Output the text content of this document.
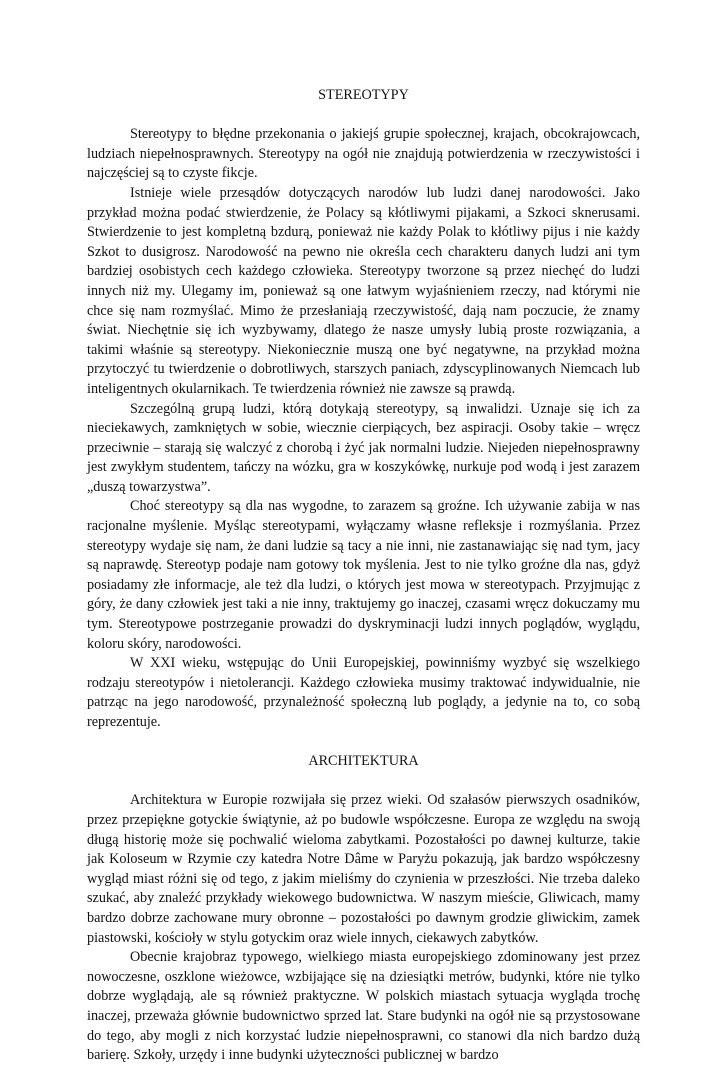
STEREOTYPY

Stereotypy to błędne przekonania o jakiejś grupie społecznej, krajach, obcokrajowcach, ludziach niepełnosprawnych. Stereotypy na ogół nie znajdują potwierdzenia w rzeczywistości i najczęściej są to czyste fikcje.

Istnieje wiele przesądów dotyczących narodów lub ludzi danej narodowości. Jako przykład można podać stwierdzenie, że Polacy są kłótliwymi pijakami, a Szkoci sknerusami. Stwierdzenie to jest kompletną bzdurą, ponieważ nie każdy Polak to kłótliwy pijus i nie każdy Szkot to dusigrosz. Narodowość na pewno nie określa cech charakteru danych ludzi ani tym bardziej osobistych cech każdego człowieka. Stereotypy tworzone są przez niechęć do ludzi innych niż my. Ulegamy im, ponieważ są one łatwym wyjaśnieniem rzeczy, nad którymi nie chce się nam rozmyślać. Mimo że przesłaniają rzeczywistość, dają nam poczucie, że znamy świat. Niechętnie się ich wyzbywamy, dlatego że nasze umysły lubią proste rozwiązania, a takimi właśnie są stereotypy. Niekoniecznie muszą one być negatywne, na przykład można przytoczyć tu twierdzenie o dobrotliwych, starszych paniach, zdyscyplinowanych Niemcach lub inteligentnych okularnikach. Te twierdzenia również nie zawsze są prawdą.

Szczególną grupą ludzi, którą dotykają stereotypy, są inwalidzi. Uznaje się ich za nieciekawych, zamkniętych w sobie, wiecznie cierpiących, bez aspiracji. Osoby takie – wręcz przeciwnie – starają się walczyć z chorobą i żyć jak normalni ludzie. Niejeden niepełnosprawny jest zwykłym studentem, tańczy na wózku, gra w koszykówkę, nurkuje pod wodą i jest zarazem „duszą towarzystwa”.

Choć stereotypy są dla nas wygodne, to zarazem są groźne. Ich używanie zabija w nas racjonalne myślenie. Myśląc stereotypami, wyłączamy własne refleksje i rozmyślania. Przez stereotypy wydaje się nam, że dani ludzie są tacy a nie inni, nie zastanawiając się nad tym, jacy są naprawdę. Stereotyp podaje nam gotowy tok myślenia. Jest to nie tylko groźne dla nas, gdyż posiadamy złe informacje, ale też dla ludzi, o których jest mowa w stereotypach. Przyjmując z góry, że dany człowiek jest taki a nie inny, traktujemy go inaczej, czasami wręcz dokuczamy mu tym. Stereotypowe postrzeganie prowadzi do dyskryminacji ludzi innych poglądów, wyglądu, koloru skóry, narodowości.

W XXI wieku, wstępując do Unii Europejskiej, powinniśmy wyzbyć się wszelkiego rodzaju stereotypów i nietolerancji. Każdego człowieka musimy traktować indywidualnie, nie patrząc na jego narodowość, przynależność społeczną lub poglądy, a jedynie na to, co sobą reprezentuje.

ARCHITEKTURA

Architektura w Europie rozwijała się przez wieki. Od szałasów pierwszych osadników, przez przepiękne gotyckie świątynie, aż po budowle współczesne. Europa ze względu na swoją długą historię może się pochwalić wieloma zabytkami. Pozostałości po dawnej kulturze, takie jak Koloseum w Rzymie czy katedra Notre Dâme w Paryżu pokazują, jak bardzo współczesny wygląd miast różni się od tego, z jakim mieliśmy do czynienia w przeszłości. Nie trzeba daleko szukać, aby znaleźć przykłady wiekowego budownictwa. W naszym mieście, Gliwicach, mamy bardzo dobrze zachowane mury obronne – pozostałości po dawnym grodzie gliwickim, zamek piastowski, kościoły w stylu gotyckim oraz wiele innych, ciekawych zabytków.

Obecnie krajobraz typowego, wielkiego miasta europejskiego zdominowany jest przez nowoczesne, oszklone wieżowce, wzbijające się na dziesiątki metrów, budynki, które nie tylko dobrze wyglądają, ale są również praktyczne. W polskich miastach sytuacja wygląda trochę inaczej, przeważa głównie budownictwo sprzed lat. Stare budynki na ogół nie są przystosowane do tego, aby mogli z nich korzystać ludzie niepełnosprawni, co stanowi dla nich bardzo dużą barierę. Szkoły, urzędy i inne budynki użyteczności publicznej w bardzo
